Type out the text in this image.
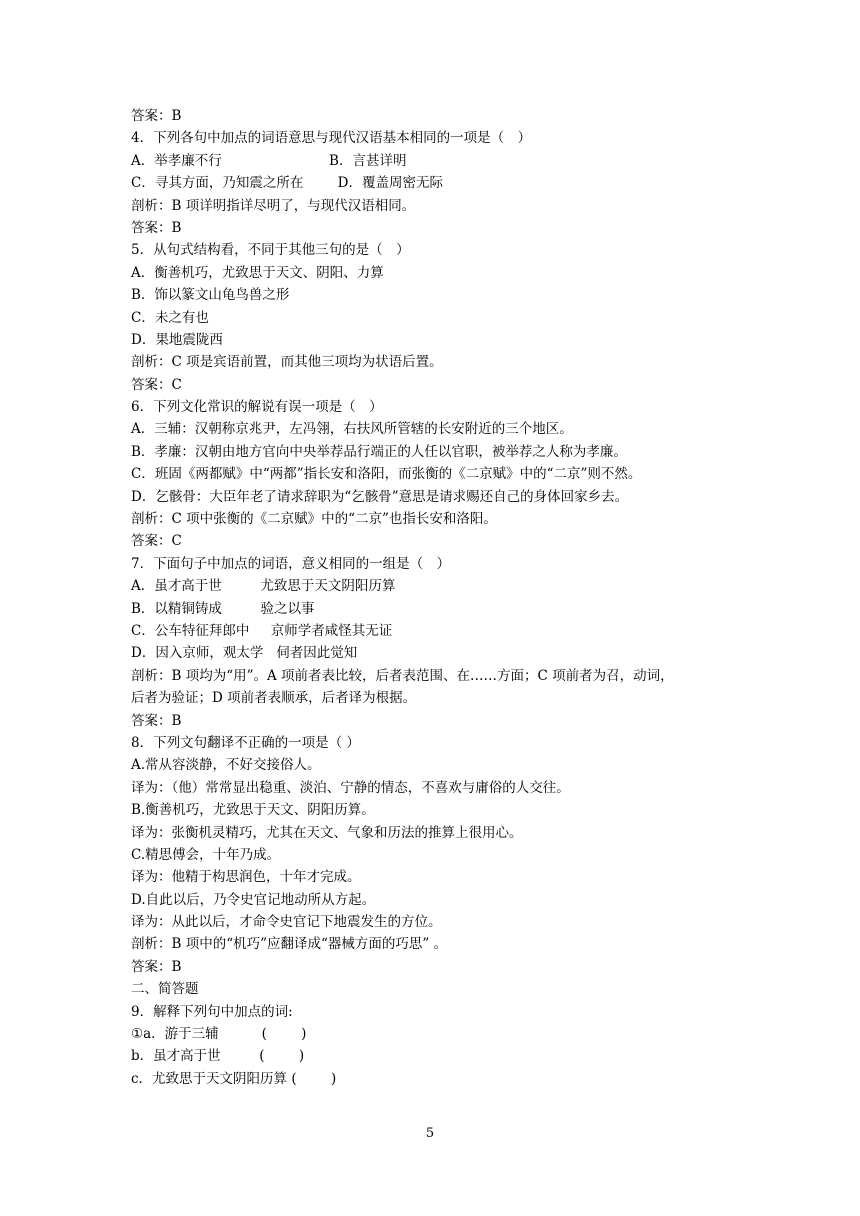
答案：B
4．下列各句中加点的词语意思与现代汉语基本相同的一项是（　）
A．举孝廉不行                         B．言甚详明
C．寻其方面，乃知震之所在        D．覆盖周密无际
剖析：B 项详明指详尽明了，与现代汉语相同。
答案：B
5．从句式结构看，不同于其他三句的是（　）
A．衡善机巧，尤致思于天文、阴阳、力算
B．饰以篆文山龟鸟兽之形
C．未之有也
D．果地震陇西
剖析：C 项是宾语前置，而其他三项均为状语后置。
答案：C
6．下列文化常识的解说有误一项是（　）
A．三辅：汉朝称京兆尹，左冯翎，右扶风所管辖的长安附近的三个地区。
B．孝廉：汉朝由地方官向中央举荐品行端正的人任以官职，被举荐之人称为孝廉。
C．班固《两都赋》中“两都”指长安和洛阳，而张衡的《二京赋》中的“二京”则不然。
D．乞骸骨：大臣年老了请求辞职为“乞骸骨”意思是请求赐还自己的身体回家乡去。
剖析：C 项中张衡的《二京赋》中的“二京”也指长安和洛阳。
答案：C
7．下面句子中加点的词语，意义相同的一组是（　）
A．虽才高于世         尤致思于天文阴阳历算
B．以精铜铸成         验之以事
C．公车特征拜郎中     京师学者咸怪其无证
D．因入京师，观太学   伺者因此觉知
剖析：B 项均为“用”。A 项前者表比较，后者表范围、在……方面；C 项前者为召，动词，
后者为验证；D 项前者表顺承，后者译为根据。
答案：B
8．下列文句翻译不正确的一项是（ ）
A.常从容淡静，不好交接俗人。
译为：（他）常常显出稳重、淡泊、宁静的情态，不喜欢与庸俗的人交往。
B.衡善机巧，尤致思于天文、阴阳历算。
译为：张衡机灵精巧，尤其在天文、气象和历法的推算上很用心。
C.精思傅会，十年乃成。
译为：他精于构思润色，十年才完成。
D.自此以后，乃令史官记地动所从方起。
译为：从此以后，才命令史官记下地震发生的方位。
剖析：B 项中的“机巧”应翻译成“器械方面的巧思” 。
答案：B
二、简答题
9．解释下列句中加点的词:
①a．游于三辅          (        )
b．虽才高于世         (        )
c．尤致思于天文阴阳历算 (        )
5
